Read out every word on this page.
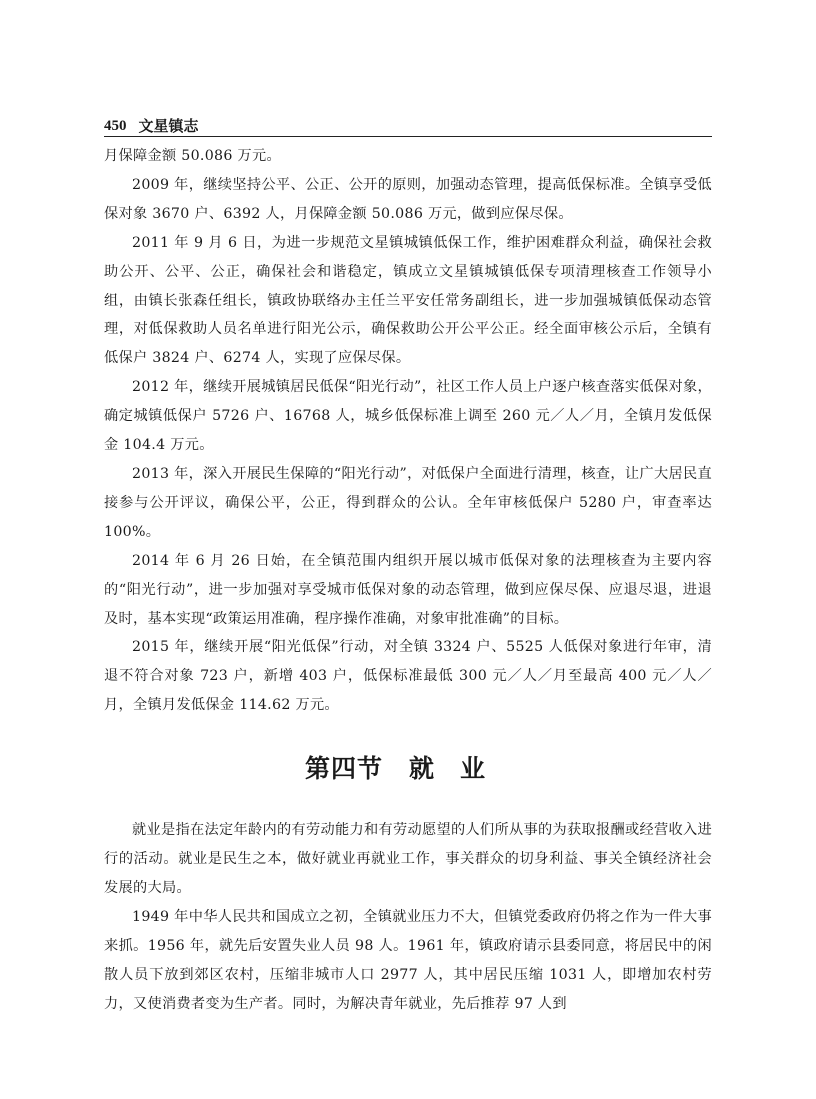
450 文星镇志

月保障金额 50.086 万元。

2009 年，继续坚持公平、公正、公开的原则，加强动态管理，提高低保标准。全镇享受低保对象 3670 户、6392 人，月保障金额 50.086 万元，做到应保尽保。

2011 年 9 月 6 日，为进一步规范文星镇城镇低保工作，维护困难群众利益，确保社会救助公开、公平、公正，确保社会和谐稳定，镇成立文星镇城镇低保专项清理核查工作领导小组，由镇长张森任组长，镇政协联络办主任兰平安任常务副组长，进一步加强城镇低保动态管理，对低保救助人员名单进行阳光公示，确保救助公开公平公正。经全面审核公示后，全镇有低保户 3824 户、6274 人，实现了应保尽保。

2012 年，继续开展城镇居民低保“阳光行动”，社区工作人员上户逐户核查落实低保对象，确定城镇低保户 5726 户、16768 人，城乡低保标准上调至 260 元／人／月，全镇月发低保金 104.4 万元。

2013 年，深入开展民生保障的“阳光行动”，对低保户全面进行清理，核查，让广大居民直接参与公开评议，确保公平，公正，得到群众的公认。全年审核低保户 5280 户，审查率达 100%。

2014 年 6 月 26 日始，在全镇范围内组织开展以城市低保对象的法理核查为主要内容的“阳光行动”，进一步加强对享受城市低保对象的动态管理，做到应保尽保、应退尽退，进退及时，基本实现“政策运用准确，程序操作准确，对象审批准确”的目标。

2015 年，继续开展“阳光低保”行动，对全镇 3324 户、5525 人低保对象进行年审，清退不符合对象 723 户，新增 403 户，低保标准最低 300 元／人／月至最高 400 元／人／月，全镇月发低保金 114.62 万元。

第四节 就业

就业是指在法定年龄内的有劳动能力和有劳动愿望的人们所从事的为获取报酬或经营收入进行的活动。就业是民生之本，做好就业再就业工作，事关群众的切身利益、事关全镇经济社会发展的大局。

1949 年中华人民共和国成立之初，全镇就业压力不大，但镇党委政府仍将之作为一件大事来抓。1956 年，就先后安置失业人员 98 人。1961 年，镇政府请示县委同意，将居民中的闲散人员下放到郊区农村，压缩非城市人口 2977 人，其中居民压缩 1031 人，即增加农村劳力，又使消费者变为生产者。同时，为解决青年就业，先后推荐 97 人到
